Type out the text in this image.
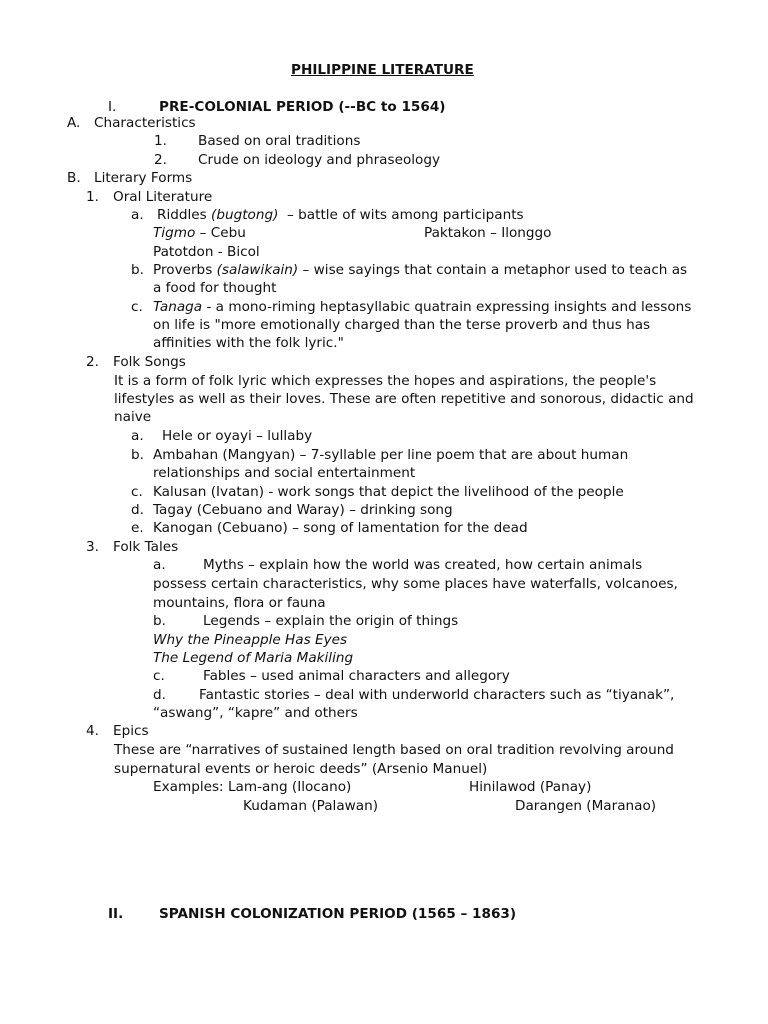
PHILIPPINE LITERATURE
I.	PRE-COLONIAL PERIOD (--BC to 1564)
A. Characteristics
1. Based on oral traditions
2. Crude on ideology and phraseology
B. Literary Forms
1. Oral Literature
a. Riddles (bugtong)  – battle of wits among participants
Tigmo – Cebu	Paktakon – Ilonggo
Patotdon - Bicol
b. Proverbs (salawikain) – wise sayings that contain a metaphor used to teach as
a food for thought
c. Tanaga - a mono-riming heptasyllabic quatrain expressing insights and lessons
on life is "more emotionally charged than the terse proverb and thus has
affinities with the folk lyric."
2. Folk Songs
It is a form of folk lyric which expresses the hopes and aspirations, the people's
lifestyles as well as their loves. These are often repetitive and sonorous, didactic and
naive
a. Hele or oyayi – lullaby
b. Ambahan (Mangyan) – 7-syllable per line poem that are about human
relationships and social entertainment
c. Kalusan (Ivatan) - work songs that depict the livelihood of the people
d. Tagay (Cebuano and Waray) – drinking song
e. Kanogan (Cebuano) – song of lamentation for the dead
3. Folk Tales
a.	Myths – explain how the world was created, how certain animals
possess certain characteristics, why some places have waterfalls, volcanoes,
mountains, flora or fauna
b.	Legends – explain the origin of things
Why the Pineapple Has Eyes
The Legend of Maria Makiling
c.	Fables – used animal characters and allegory
d. Fantastic stories – deal with underworld characters such as “tiyanak”,
“aswang”, “kapre” and others
4. Epics
These are “narratives of sustained length based on oral tradition revolving around
supernatural events or heroic deeds” (Arsenio Manuel)
Examples: Lam-ang (Ilocano)	Hinilawod (Panay)
Kudaman (Palawan)	Darangen (Maranao)
II.	SPANISH COLONIZATION PERIOD (1565 – 1863)
